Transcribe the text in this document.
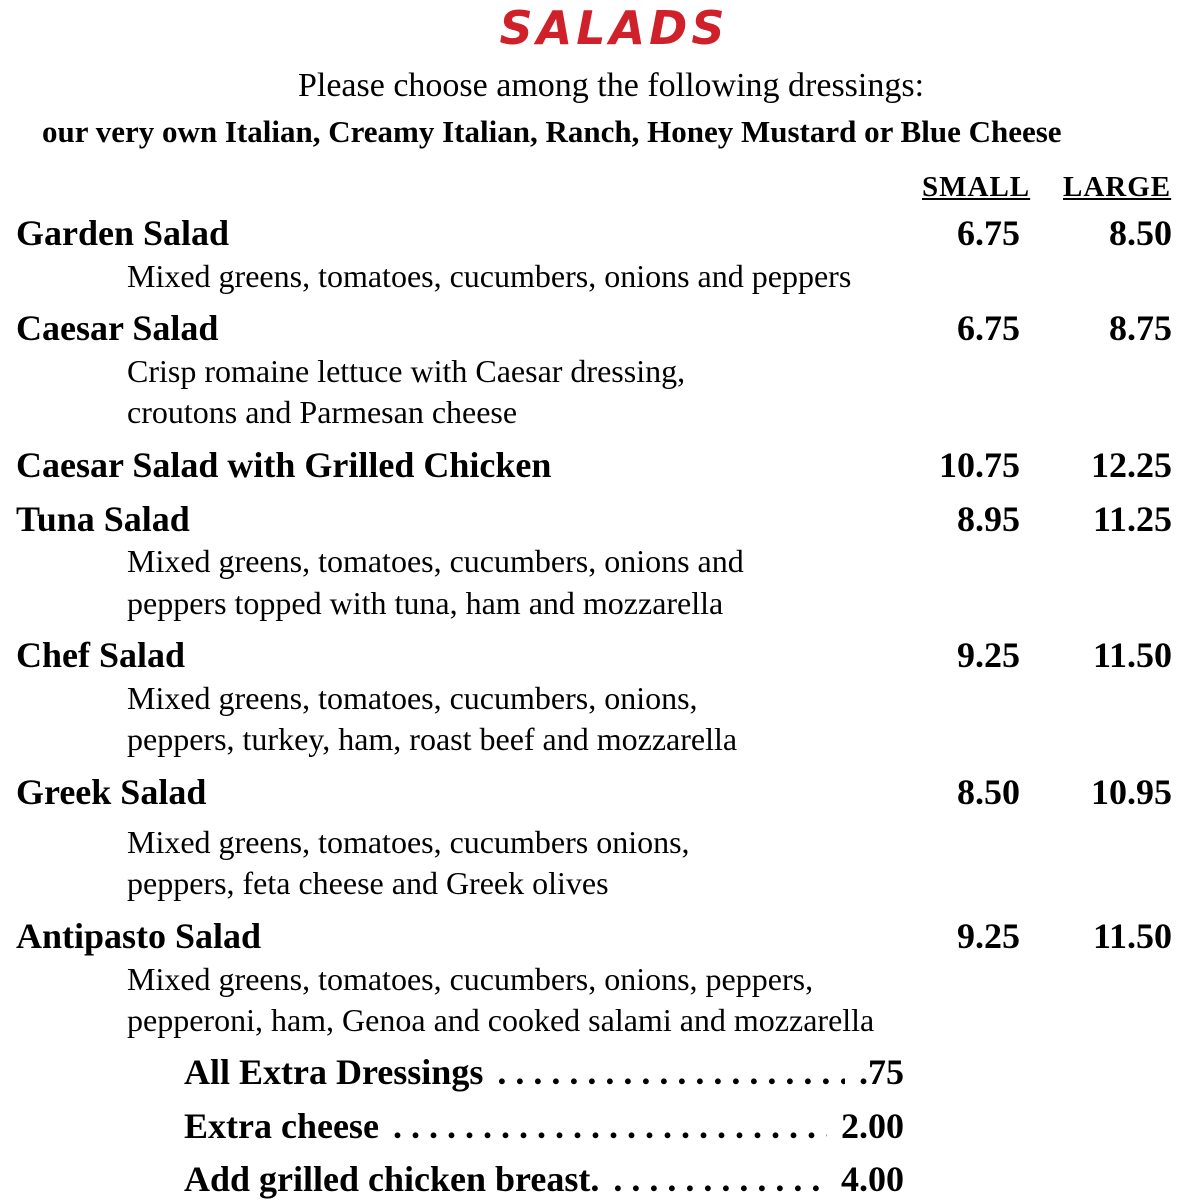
SALADS
Please choose among the following dressings:
our very own Italian, Creamy Italian, Ranch, Honey Mustard or Blue Cheese
SMALL LARGE
Garden Salad	6.75	8.50
Mixed greens, tomatoes, cucumbers, onions and peppers
Caesar Salad	6.75	8.75
Crisp romaine lettuce with Caesar dressing,
croutons and Parmesan cheese
Caesar Salad with Grilled Chicken	10.75	12.25
Tuna Salad	8.95	11.25
Mixed greens, tomatoes, cucumbers, onions and
peppers topped with tuna, ham and mozzarella
Chef Salad	9.25	11.50
Mixed greens, tomatoes, cucumbers, onions,
peppers, turkey, ham, roast beef and mozzarella
Greek Salad	8.50	10.95
Mixed greens, tomatoes, cucumbers onions,
peppers, feta cheese and Greek olives
Antipasto Salad	9.25	11.50
Mixed greens, tomatoes, cucumbers, onions, peppers,
pepperoni, ham, Genoa and cooked salami and mozzarella
All Extra Dressings . . .	.75
Extra cheese . . .	2.00
Add grilled chicken breast. . . .	4.00
